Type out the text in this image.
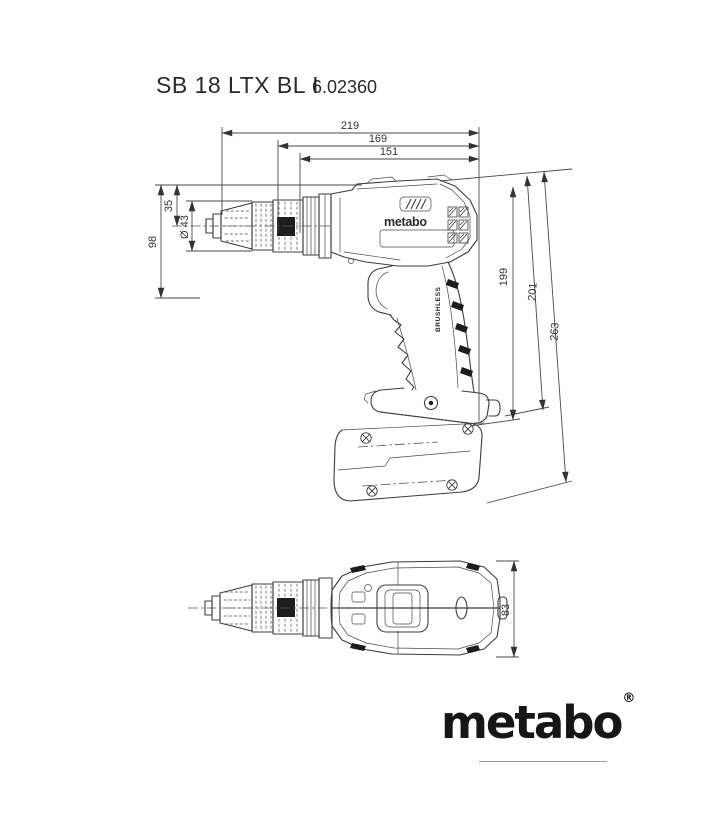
SB 18 LTX BL I
6.02360
metabo
BRUSHLESS
219
169
151
98
35
Ø 43
199
201
263
83
metabo®
